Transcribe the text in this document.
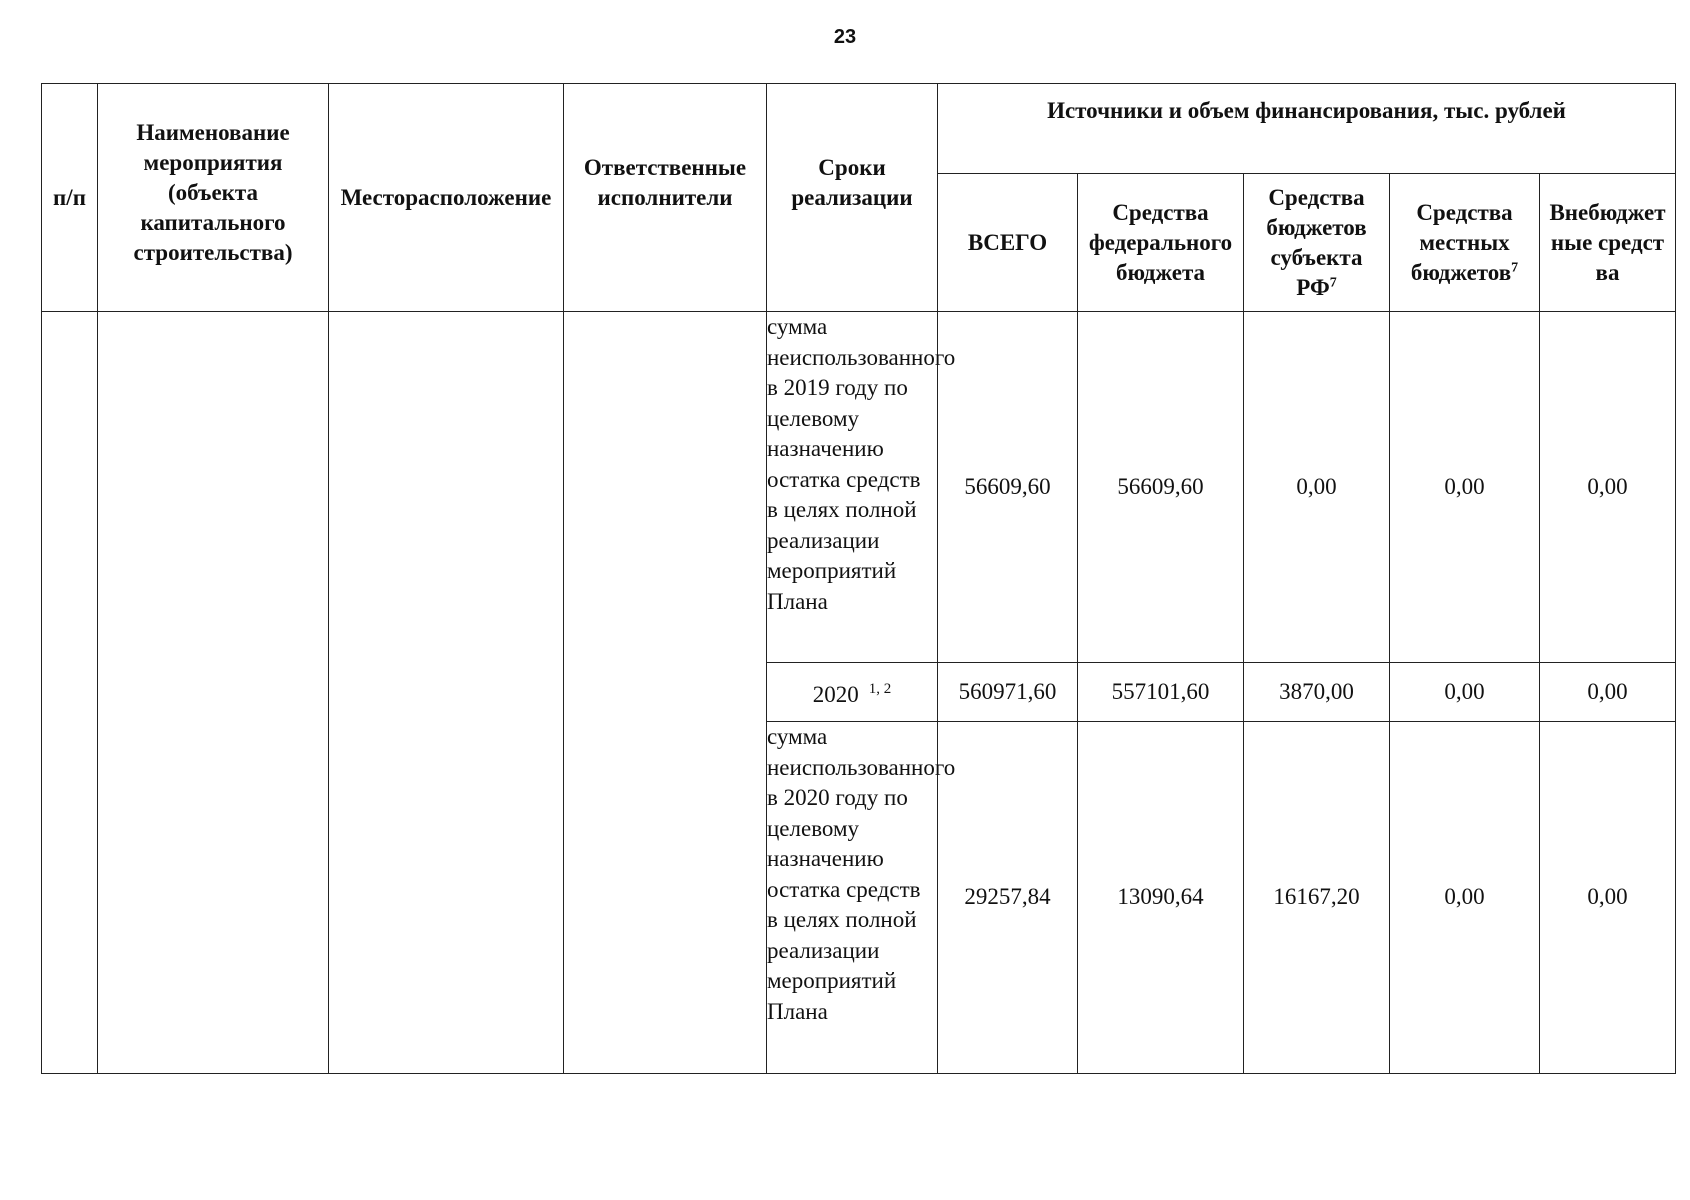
23
п/п	Наименование мероприятия (объекта капитального строительства)	Месторасположение	Ответственные исполнители	Сроки реализации	Источники и объем финансирования, тыс. рублей				
					ВСЕГО	Средства федерального бюджета	Средства бюджетов субъекта $РФ^7$	Средства местных бюджетов$^7$	Внебюджетные средства
				сумма неиспользованного в 2019 году по целевому назначению остатка средств в целях полной реализации мероприятий Плана	56609,60	56609,60	0,00	0,00	0,00
				2020 $^{1, 2}$	560971,60	557101,60	3870,00	0,00	0,00
				сумма неиспользованного в 2020 году по целевому назначению остатка средств в целях полной реализации мероприятий Плана	29257,84	13090,64	16167,20	0,00	0,00
